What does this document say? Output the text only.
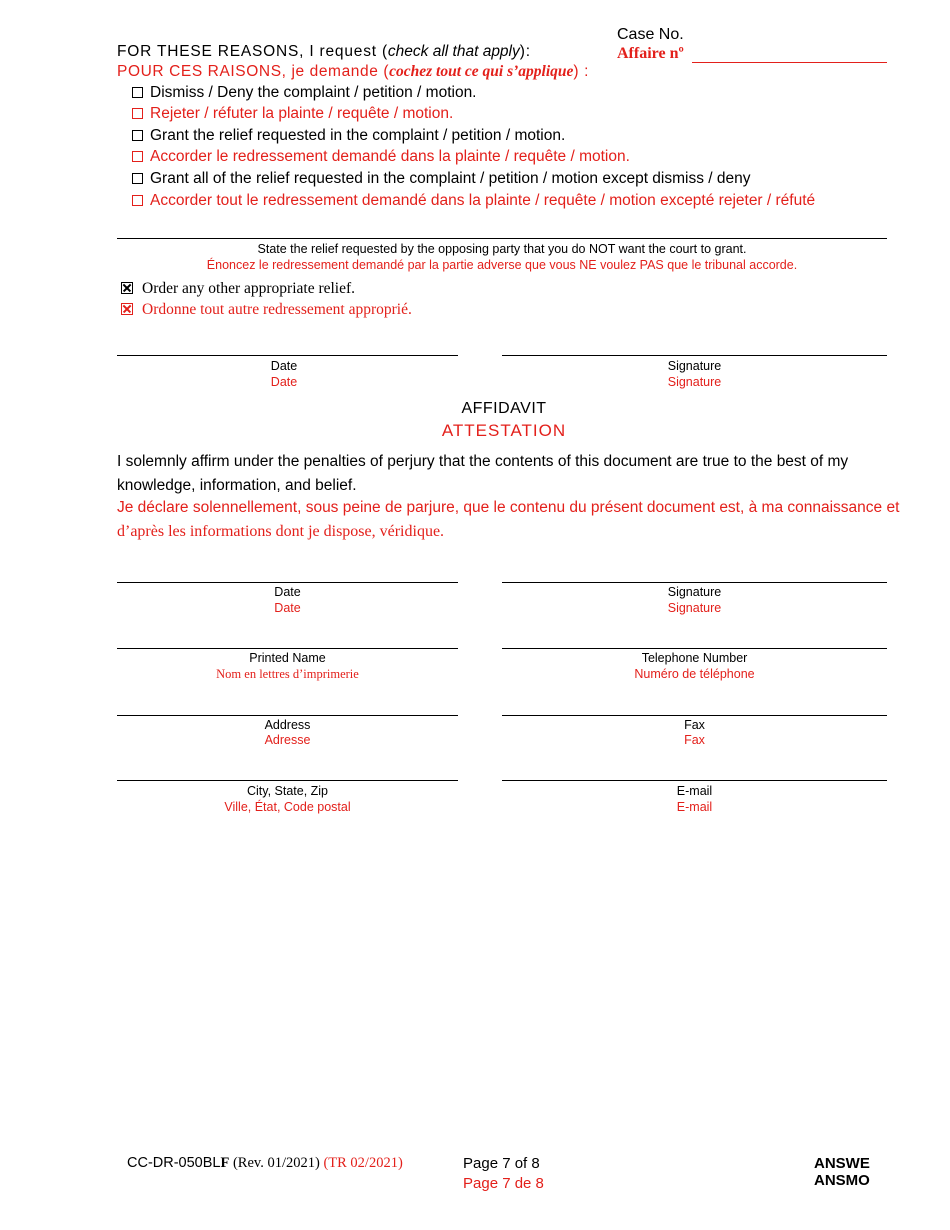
FOR THESE REASONS, I request (check all that apply):
POUR CES RAISONS, je demande (cochez tout ce qui s’applique) :
Case No.
Affaire nº
Dismiss / Deny the complaint / petition / motion.
Rejeter / réfuter la plainte / requête / motion.
Grant the relief requested in the complaint / petition / motion.
Accorder le redressement demandé dans la plainte / requête / motion.
Grant all of the relief requested in the complaint / petition / motion except dismiss / deny
Accorder tout le redressement demandé dans la plainte / requête / motion excepté rejeter / réfuté
State the relief requested by the opposing party that you do NOT want the court to grant.
Énoncez le redressement demandé par la partie adverse que vous NE voulez PAS que le tribunal accorde.
Order any other appropriate relief.
Ordonne tout autre redressement approprié.
Date
Date
Signature
Signature
AFFIDAVIT
ATTESTATION
I solemnly affirm under the penalties of perjury that the contents of this document are true to the best of my knowledge, information, and belief.
Je déclare solennellement, sous peine de parjure, que le contenu du présent document est, à ma connaissance et
d’après les informations dont je dispose, véridique.
Date
Date
Signature
Signature
Printed Name
Nom en lettres d’imprimerie
Telephone Number
Numéro de téléphone
Address
Adresse
Fax
Fax
City, State, Zip
Ville, État, Code postal
E-mail
E-mail
CC-DR-050BLF (Rev. 01/2021) (TR 02/2021)	Page 7 of 8
Page 7 de 8
ANSWE
ANSMO
